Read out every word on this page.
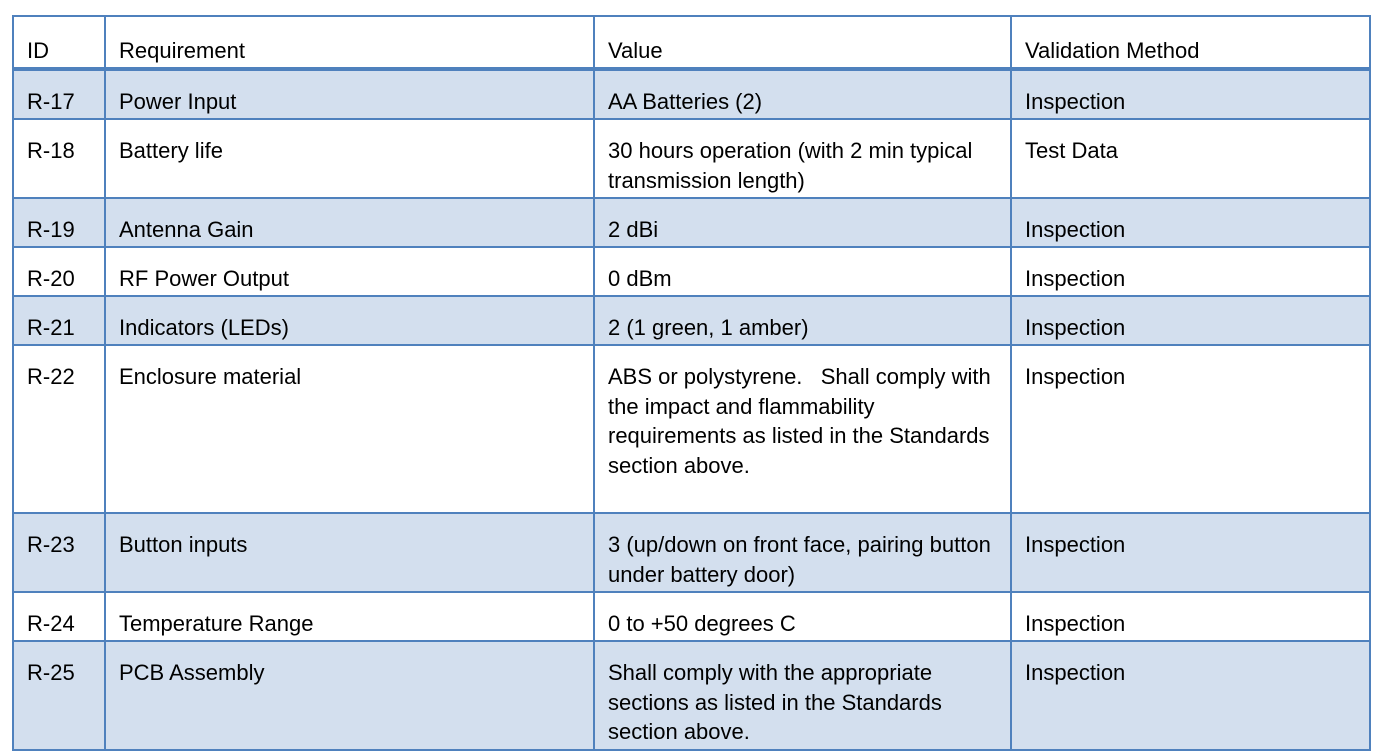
ID	Requirement	Value	Validation Method
R-17	Power Input	AA Batteries (2)	Inspection
R-18	Battery life	30 hours operation (with 2 min typical transmission length)	Test Data
R-19	Antenna Gain	2 dBi	Inspection
R-20	RF Power Output	0 dBm	Inspection
R-21	Indicators (LEDs)	2 (1 green, 1 amber)	Inspection
R-22	Enclosure material	ABS or polystyrene.   Shall comply with the impact and flammability requirements as listed in the Standards section above.	Inspection
R-23	Button inputs	3 (up/down on front face, pairing button under battery door)	Inspection
R-24	Temperature Range	0 to +50 degrees C	Inspection
R-25	PCB Assembly	Shall comply with the appropriate sections as listed in the Standards section above.	Inspection
